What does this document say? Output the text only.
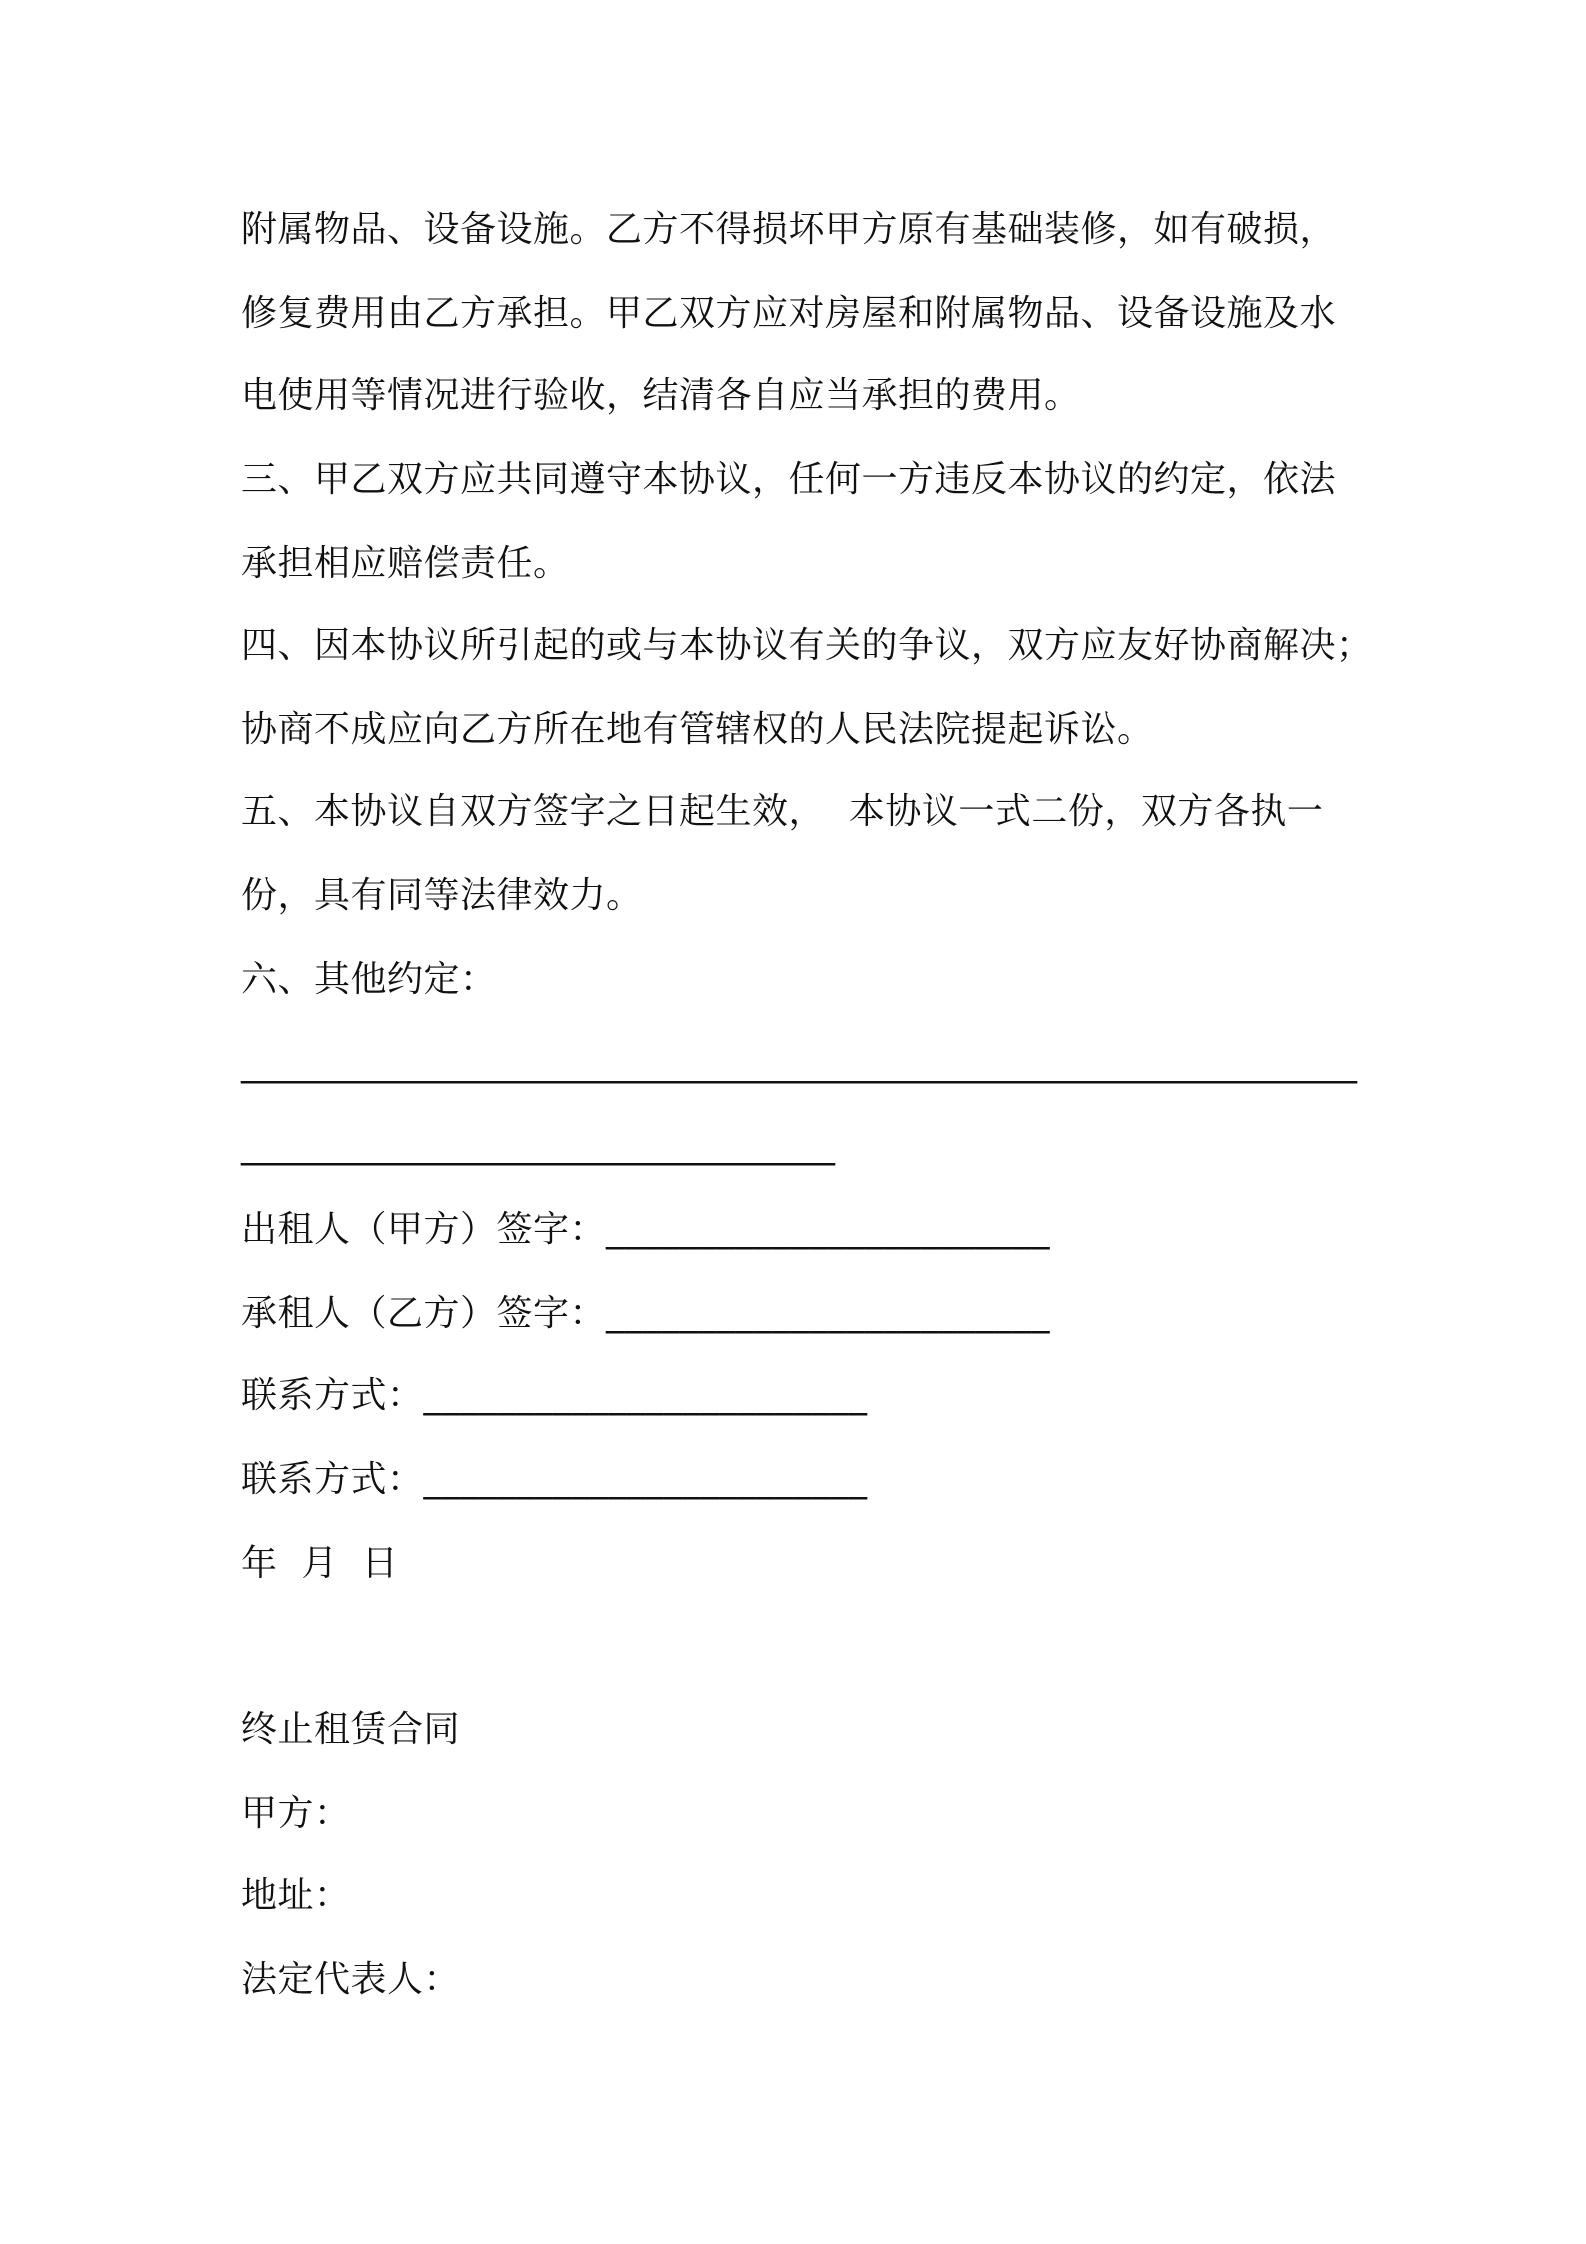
附属物品、设备设施。乙方不得损坏甲方原有基础装修，如有破损，
修复费用由乙方承担。甲乙双方应对房屋和附属物品、设备设施及水
电使用等情况进行验收，结清各自应当承担的费用。
三、甲乙双方应共同遵守本协议，任何一方违反本协议的约定，依法
承担相应赔偿责任。
四、因本协议所引起的或与本协议有关的争议，双方应友好协商解决；
协商不成应向乙方所在地有管辖权的人民法院提起诉讼。
五、本协议自双方签字之日起生效，  本协议一式二份，双方各执一
份，具有同等法律效力。
六、其他约定：
______________________________________________________________
_________________________________
出租人（甲方）签字：________________________
承租人（乙方）签字：________________________
联系方式：________________________
联系方式：________________________
年  月  日
终止租赁合同
甲方：
地址：
法定代表人：
